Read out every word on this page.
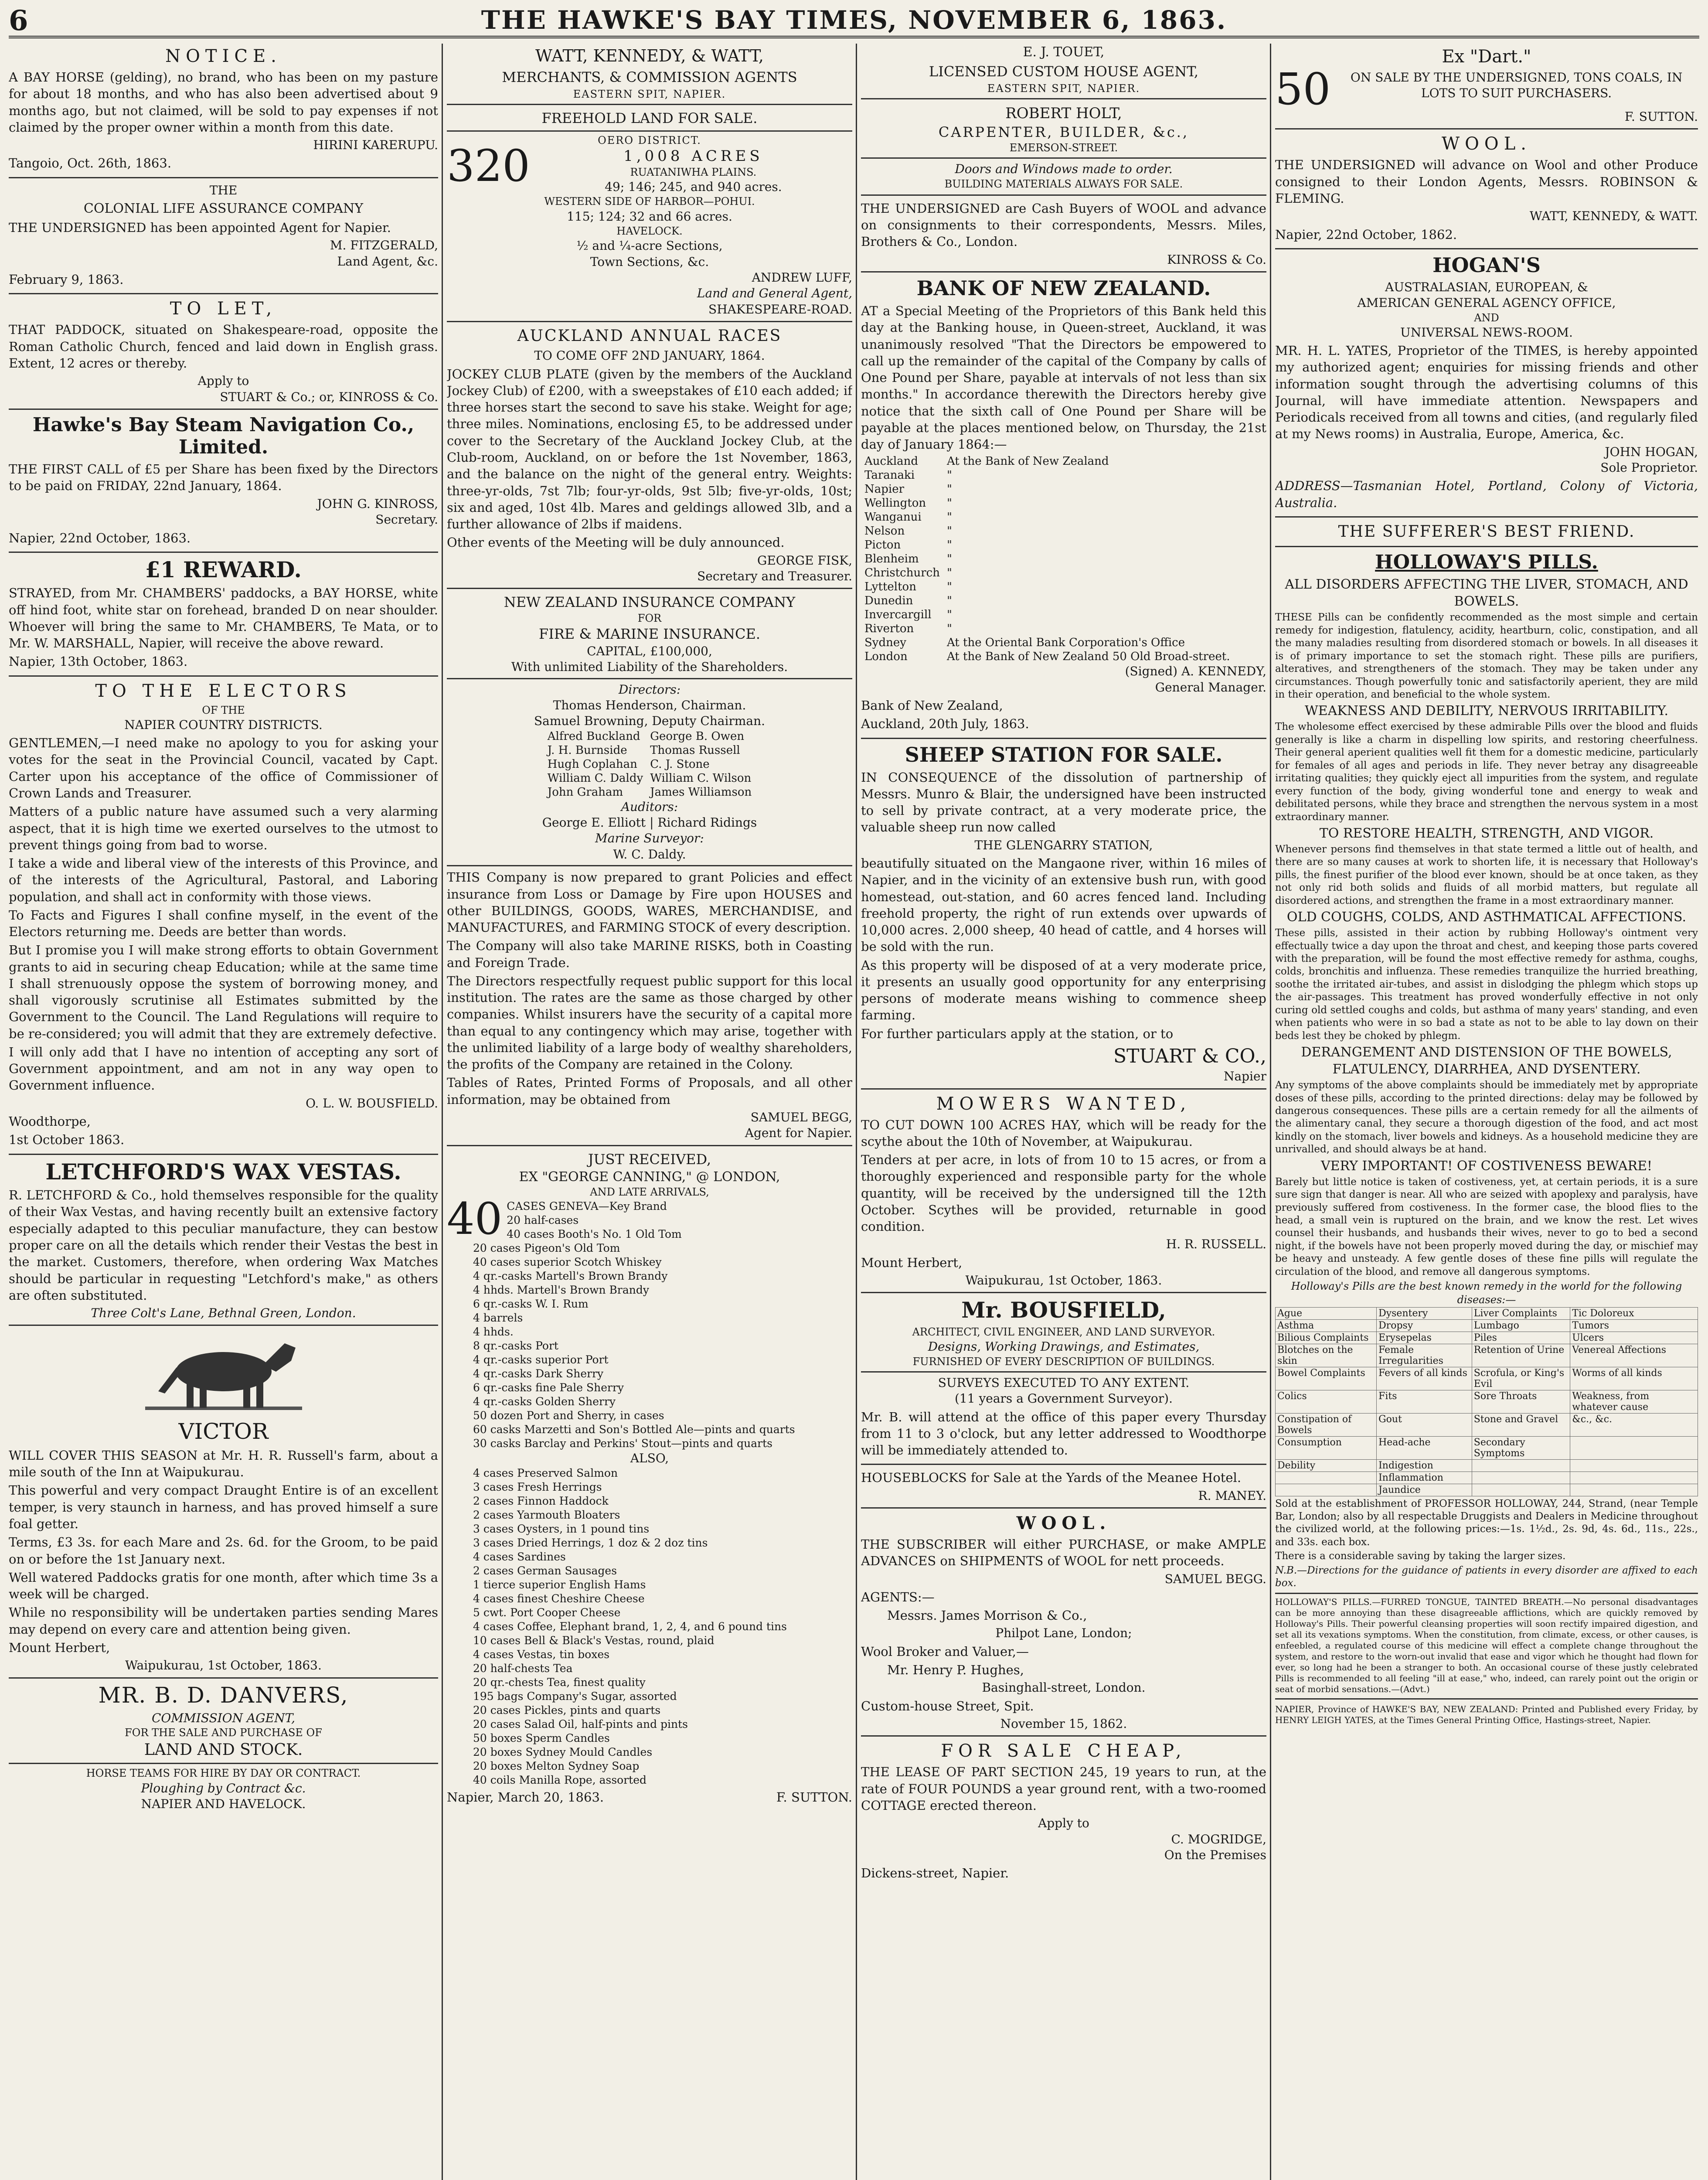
6	THE HAWKE'S BAY TIMES, NOVEMBER 6, 1863.
NOTICE.
A BAY HORSE (gelding), no brand, who has been on my pasture for about 18 months, and who has also been advertised about 9 months ago, but not claimed, will be sold to pay expenses if not claimed by the proper owner within a month from this date.
HIRINI KARERUPU.
Tangoio, Oct. 26th, 1863.
THE
COLONIAL LIFE ASSURANCE COMPANY
THE UNDERSIGNED has been appointed Agent for Napier.
M. FITZGERALD,
Land Agent, &c.
February 9, 1863.
TO LET,
THAT PADDOCK, situated on Shakespeare-road, opposite the Roman Catholic Church, fenced and laid down in English grass. Extent, 12 acres or thereby.
Apply to
STUART & Co.; or, KINROSS & Co.
Hawke's Bay Steam Navigation Co., Limited.
THE FIRST CALL of £5 per Share has been fixed by the Directors to be paid on FRIDAY, 22nd January, 1864.
JOHN G. KINROSS,
Secretary.
Napier, 22nd October, 1863.
£1 REWARD.
STRAYED, from Mr. CHAMBERS' paddocks, a BAY HORSE, white off hind foot, white star on forehead, branded D on near shoulder. Whoever will bring the same to Mr. CHAMBERS, Te Mata, or to Mr. W. MARSHALL, Napier, will receive the above reward.
Napier, 13th October, 1863.
TO THE ELECTORS
OF THE
NAPIER COUNTRY DISTRICTS.
GENTLEMEN,—I need make no apology to you for asking your votes for the seat in the Provincial Council, vacated by Capt. Carter upon his acceptance of the office of Commissioner of Crown Lands and Treasurer.
Matters of a public nature have assumed such a very alarming aspect, that it is high time we exerted ourselves to the utmost to prevent things going from bad to worse.
I take a wide and liberal view of the interests of this Province, and of the interests of the Agricultural, Pastoral, and Laboring population, and shall act in conformity with those views.
To Facts and Figures I shall confine myself, in the event of the Electors returning me. Deeds are better than words.
But I promise you I will make strong efforts to obtain Government grants to aid in securing cheap Education; while at the same time I shall strenuously oppose the system of borrowing money, and shall vigorously scrutinise all Estimates submitted by the Government to the Council. The Land Regulations will require to be re-considered; you will admit that they are extremely defective.
I will only add that I have no intention of accepting any sort of Government appointment, and am not in any way open to Government influence.
O. L. W. BOUSFIELD.
Woodthorpe,
1st October 1863.
LETCHFORD'S WAX VESTAS.
R. LETCHFORD & Co., hold themselves responsible for the quality of their Wax Vestas, and having recently built an extensive factory especially adapted to this peculiar manufacture, they can bestow proper care on all the details which render their Vestas the best in the market. Customers, therefore, when ordering Wax Matches should be particular in requesting "Letchford's make," as others are often substituted.
Three Colt's Lane, Bethnal Green, London.
VICTOR
WILL COVER THIS SEASON at Mr. H. R. Russell's farm, about a mile south of the Inn at Waipukurau.
This powerful and very compact Draught Entire is of an excellent temper, is very staunch in harness, and has proved himself a sure foal getter.
Terms, £3 3s. for each Mare and 2s. 6d. for the Groom, to be paid on or before the 1st January next.
Well watered Paddocks gratis for one month, after which time 3s a week will be charged.
While no responsibility will be undertaken parties sending Mares may depend on every care and attention being given.
Mount Herbert,
Waipukurau, 1st October, 1863.
MR. B. D. DANVERS,
COMMISSION AGENT,
FOR THE SALE AND PURCHASE OF
LAND AND STOCK.
HORSE TEAMS FOR HIRE BY DAY OR CONTRACT.
Ploughing by Contract &c.
NAPIER AND HAVELOCK.
WATT, KENNEDY, & WATT,
MERCHANTS, & COMMISSION AGENTS
EASTERN SPIT, NAPIER.
FREEHOLD LAND FOR SALE.
OERO DISTRICT.
320	1,008 ACRES
RUATANIWHA PLAINS.
49; 146; 245, and 940 acres.
WESTERN SIDE OF HARBOR—POHUI.
115; 124; 32 and 66 acres.
HAVELOCK.
½ and ¼-acre Sections,
Town Sections, &c.
ANDREW LUFF,
Land and General Agent,
SHAKESPEARE-ROAD.
AUCKLAND ANNUAL RACES
TO COME OFF 2ND JANUARY, 1864.
JOCKEY CLUB PLATE (given by the members of the Auckland Jockey Club) of £200, with a sweepstakes of £10 each added; if three horses start the second to save his stake. Weight for age; three miles. Nominations, enclosing £5, to be addressed under cover to the Secretary of the Auckland Jockey Club, at the Club-room, Auckland, on or before the 1st November, 1863, and the balance on the night of the general entry. Weights: three-yr-olds, 7st 7lb; four-yr-olds, 9st 5lb; five-yr-olds, 10st; six and aged, 10st 4lb. Mares and geldings allowed 3lb, and a further allowance of 2lbs if maidens.
Other events of the Meeting will be duly announced.
GEORGE FISK,
Secretary and Treasurer.
NEW ZEALAND INSURANCE COMPANY
FOR
FIRE & MARINE INSURANCE.
CAPITAL, £100,000,
With unlimited Liability of the Shareholders.
Directors:
Thomas Henderson, Chairman.
Samuel Browning, Deputy Chairman.
Alfred Buckland	George B. Owen
J. H. Burnside	Thomas Russell
Hugh Coplahan	C. J. Stone
William C. Daldy	William C. Wilson
John Graham	James Williamson
Auditors:
George E. Elliott | Richard Ridings
Marine Surveyor:
W. C. Daldy.
THIS Company is now prepared to grant Policies and effect insurance from Loss or Damage by Fire upon HOUSES and other BUILDINGS, GOODS, WARES, MERCHANDISE, and MANUFACTURES, and FARMING STOCK of every description.
The Company will also take MARINE RISKS, both in Coasting and Foreign Trade.
The Directors respectfully request public support for this local institution. The rates are the same as those charged by other companies. Whilst insurers have the security of a capital more than equal to any contingency which may arise, together with the unlimited liability of a large body of wealthy shareholders, the profits of the Company are retained in the Colony.
Tables of Rates, Printed Forms of Proposals, and all other information, may be obtained from
SAMUEL BEGG,
Agent for Napier.
JUST RECEIVED,
EX "GEORGE CANNING," @ LONDON,
AND LATE ARRIVALS,
40 CASES GENEVA—Key Brand
20 half-cases
40 cases Booth's No. 1 Old Tom
20 cases Pigeon's Old Tom
40 cases superior Scotch Whiskey
4 qr.-casks Martell's Brown Brandy
4 hhds. Martell's Brown Brandy
6 qr.-casks W. I. Rum
4 barrels
4 hhds.
8 qr.-casks Port
4 qr.-casks superior Port
4 qr.-casks Dark Sherry
6 qr.-casks fine Pale Sherry
4 qr.-casks Golden Sherry
50 dozen Port and Sherry, in cases
60 casks Marzetti and Son's Bottled Ale—pints and quarts
30 casks Barclay and Perkins' Stout—pints and quarts
ALSO,
4 cases Preserved Salmon
3 cases Fresh Herrings
2 cases Finnon Haddock
2 cases Yarmouth Bloaters
3 cases Oysters, in 1 pound tins
3 cases Dried Herrings, 1 doz & 2 doz tins
4 cases Sardines
2 cases German Sausages
1 tierce superior English Hams
4 cases finest Cheshire Cheese
5 cwt. Port Cooper Cheese
4 cases Coffee, Elephant brand, 1, 2, 4, and 6 pound tins
10 cases Bell & Black's Vestas, round, plaid
4 cases Vestas, tin boxes
20 half-chests Tea
20 qr.-chests Tea, finest quality
195 bags Company's Sugar, assorted
20 cases Pickles, pints and quarts
20 cases Salad Oil, half-pints and pints
50 boxes Sperm Candles
20 boxes Sydney Mould Candles
20 boxes Melton Sydney Soap
40 coils Manilla Rope, assorted
Napier, March 20, 1863.	F. SUTTON.
E. J. TOUET,
LICENSED CUSTOM HOUSE AGENT,
EASTERN SPIT, NAPIER.
ROBERT HOLT,
CARPENTER, BUILDER, &c.,
EMERSON-STREET.
Doors and Windows made to order.
BUILDING MATERIALS ALWAYS FOR SALE.
THE UNDERSIGNED are Cash Buyers of WOOL and advance on consignments to their correspondents, Messrs. Miles, Brothers & Co., London.
KINROSS & Co.
BANK OF NEW ZEALAND.
AT a Special Meeting of the Proprietors of this Bank held this day at the Banking house, in Queen-street, Auckland, it was unanimously resolved "That the Directors be empowered to call up the remainder of the capital of the Company by calls of One Pound per Share, payable at intervals of not less than six months." In accordance therewith the Directors hereby give notice that the sixth call of One Pound per Share will be payable at the places mentioned below, on Thursday, the 21st day of January 1864:—
Auckland	At the Bank of New Zealand
Taranaki	"
Napier	"
Wellington	"
Wanganui	"
Nelson	"
Picton	"
Blenheim	"
Christchurch	"
Lyttelton	"
Dunedin	"
Invercargill	"
Riverton	"
Sydney	At the Oriental Bank Corporation's Office
London	At the Bank of New Zealand 50 Old Broad-street.
(Signed) A. KENNEDY,
General Manager.
Bank of New Zealand,
Auckland, 20th July, 1863.
SHEEP STATION FOR SALE.
IN CONSEQUENCE of the dissolution of partnership of Messrs. Munro & Blair, the undersigned have been instructed to sell by private contract, at a very moderate price, the valuable sheep run now called
THE GLENGARRY STATION,
beautifully situated on the Mangaone river, within 16 miles of Napier, and in the vicinity of an extensive bush run, with good homestead, out-station, and 60 acres fenced land. Including freehold property, the right of run extends over upwards of 10,000 acres. 2,000 sheep, 40 head of cattle, and 4 horses will be sold with the run.
As this property will be disposed of at a very moderate price, it presents an usually good opportunity for any enterprising persons of moderate means wishing to commence sheep farming.
For further particulars apply at the station, or to
STUART & CO.,
Napier
MOWERS WANTED,
TO CUT DOWN 100 ACRES HAY, which will be ready for the scythe about the 10th of November, at Waipukurau.
Tenders at per acre, in lots of from 10 to 15 acres, or from a thoroughly experienced and responsible party for the whole quantity, will be received by the undersigned till the 12th October. Scythes will be provided, returnable in good condition.
H. R. RUSSELL.
Mount Herbert,
Waipukurau, 1st October, 1863.
Mr. BOUSFIELD,
ARCHITECT, CIVIL ENGINEER, AND LAND SURVEYOR.
Designs, Working Drawings, and Estimates,
FURNISHED OF EVERY DESCRIPTION OF BUILDINGS.
SURVEYS EXECUTED TO ANY EXTENT.
(11 years a Government Surveyor).
Mr. B. will attend at the office of this paper every Thursday from 11 to 3 o'clock, but any letter addressed to Woodthorpe will be immediately attended to.
HOUSEBLOCKS for Sale at the Yards of the Meanee Hotel.
R. MANEY.
WOOL.
THE SUBSCRIBER will either PURCHASE, or make AMPLE ADVANCES on SHIPMENTS of WOOL for nett proceeds.
SAMUEL BEGG.
AGENTS:—
Messrs. James Morrison & Co.,
Philpot Lane, London;
Wool Broker and Valuer,—
Mr. Henry P. Hughes,
Basinghall-street, London.
Custom-house Street, Spit.
November 15, 1862.
FOR SALE CHEAP,
THE LEASE OF PART SECTION 245, 19 years to run, at the rate of FOUR POUNDS a year ground rent, with a two-roomed COTTAGE erected thereon.
Apply to
C. MOGRIDGE,
On the Premises
Dickens-street, Napier.
Ex "Dart."
50	ON SALE BY THE UNDERSIGNED, TONS COALS, IN LOTS TO SUIT PURCHASERS.
F. SUTTON.
WOOL.
THE UNDERSIGNED will advance on Wool and other Produce consigned to their London Agents, Messrs. ROBINSON & FLEMING.
WATT, KENNEDY, & WATT.
Napier, 22nd October, 1862.
HOGAN'S
AUSTRALASIAN, EUROPEAN, &
AMERICAN GENERAL AGENCY OFFICE,
AND
UNIVERSAL NEWS-ROOM.
MR. H. L. YATES, Proprietor of the TIMES, is hereby appointed my authorized agent; enquiries for missing friends and other information sought through the advertising columns of this Journal, will have immediate attention. Newspapers and Periodicals received from all towns and cities, (and regularly filed at my News rooms) in Australia, Europe, America, &c.
JOHN HOGAN,
Sole Proprietor.
ADDRESS—Tasmanian Hotel, Portland, Colony of Victoria, Australia.
THE SUFFERER'S BEST FRIEND.
HOLLOWAY'S PILLS.
ALL DISORDERS AFFECTING THE LIVER, STOMACH, AND BOWELS.
THESE Pills can be confidently recommended as the most simple and certain remedy for indigestion, flatulency, acidity, heartburn, colic, constipation, and all the many maladies resulting from disordered stomach or bowels. In all diseases it is of primary importance to set the stomach right. These pills are purifiers, alteratives, and strengtheners of the stomach. They may be taken under any circumstances. Though powerfully tonic and satisfactorily aperient, they are mild in their operation, and beneficial to the whole system.
WEAKNESS AND DEBILITY, NERVOUS IRRITABILITY.
The wholesome effect exercised by these admirable Pills over the blood and fluids generally is like a charm in dispelling low spirits, and restoring cheerfulness. Their general aperient qualities well fit them for a domestic medicine, particularly for females of all ages and periods in life. They never betray any disagreeable irritating qualities; they quickly eject all impurities from the system, and regulate every function of the body, giving wonderful tone and energy to weak and debilitated persons, while they brace and strengthen the nervous system in a most extraordinary manner.
TO RESTORE HEALTH, STRENGTH, AND VIGOR.
Whenever persons find themselves in that state termed a little out of health, and there are so many causes at work to shorten life, it is necessary that Holloway's pills, the finest purifier of the blood ever known, should be at once taken, as they not only rid both solids and fluids of all morbid matters, but regulate all disordered actions, and strengthen the frame in a most extraordinary manner.
OLD COUGHS, COLDS, AND ASTHMATICAL AFFECTIONS.
These pills, assisted in their action by rubbing Holloway's ointment very effectually twice a day upon the throat and chest, and keeping those parts covered with the preparation, will be found the most effective remedy for asthma, coughs, colds, bronchitis and influenza. These remedies tranquilize the hurried breathing, soothe the irritated air-tubes, and assist in dislodging the phlegm which stops up the air-passages. This treatment has proved wonderfully effective in not only curing old settled coughs and colds, but asthma of many years' standing, and even when patients who were in so bad a state as not to be able to lay down on their beds lest they be choked by phlegm.
DERANGEMENT AND DISTENSION OF THE BOWELS, FLATULENCY, DIARRHEA, AND DYSENTERY.
Any symptoms of the above complaints should be immediately met by appropriate doses of these pills, according to the printed directions: delay may be followed by dangerous consequences. These pills are a certain remedy for all the ailments of the alimentary canal, they secure a thorough digestion of the food, and act most kindly on the stomach, liver bowels and kidneys. As a household medicine they are unrivalled, and should always be at hand.
VERY IMPORTANT! OF COSTIVENESS BEWARE!
Barely but little notice is taken of costiveness, yet, at certain periods, it is a sure sure sign that danger is near. All who are seized with apoplexy and paralysis, have previously suffered from costiveness. In the former case, the blood flies to the head, a small vein is ruptured on the brain, and we know the rest. Let wives counsel their husbands, and husbands their wives, never to go to bed a second night, if the bowels have not been properly moved during the day, or mischief may be heavy and unsteady. A few gentle doses of these fine pills will regulate the circulation of the blood, and remove all dangerous symptoms.
Holloway's Pills are the best known remedy in the world for the following diseases:—
Ague	Dysentery	Liver Complaints	Tic Doloreux
Asthma	Dropsy	Lumbago	Tumors
Bilious Complaints	Erysepelas	Piles	Ulcers
Blotches on the skin	Female Irregularities	Retention of Urine	Venereal Affections
Bowel Complaints	Fevers of all kinds	Scrofula, or King's Evil	Worms of all kinds
Colics	Fits	Sore Throats	Weakness, from whatever cause
Constipation of Bowels	Gout	Stone and Gravel	&c., &c.
Consumption	Head-ache	Secondary Symptoms	
Debility	Indigestion		
	Inflammation		
	Jaundice		
Sold at the establishment of PROFESSOR HOLLOWAY, 244, Strand, (near Temple Bar, London; also by all respectable Druggists and Dealers in Medicine throughout the civilized world, at the following prices:—1s. 1½d., 2s. 9d, 4s. 6d., 11s., 22s., and 33s. each box.
There is a considerable saving by taking the larger sizes.
N.B.—Directions for the guidance of patients in every disorder are affixed to each box.
HOLLOWAY'S PILLS.—FURRED TONGUE, TAINTED BREATH.—No personal disadvantages can be more annoying than these disagreeable afflictions, which are quickly removed by Holloway's Pills. Their powerful cleansing properties will soon rectify impaired digestion, and set all its vexations symptoms. When the constitution, from climate, excess, or other causes, is enfeebled, a regulated course of this medicine will effect a complete change throughout the system, and restore to the worn-out invalid that ease and vigor which he thought had flown for ever, so long had he been a stranger to both. An occasional course of these justly celebrated Pills is recommended to all feeling "ill at ease," who, indeed, can rarely point out the origin or seat of morbid sensations.—(Advt.)
NAPIER, Province of HAWKE'S BAY, NEW ZEALAND: Printed and Published every Friday, by HENRY LEIGH YATES, at the Times General Printing Office, Hastings-street, Napier.
